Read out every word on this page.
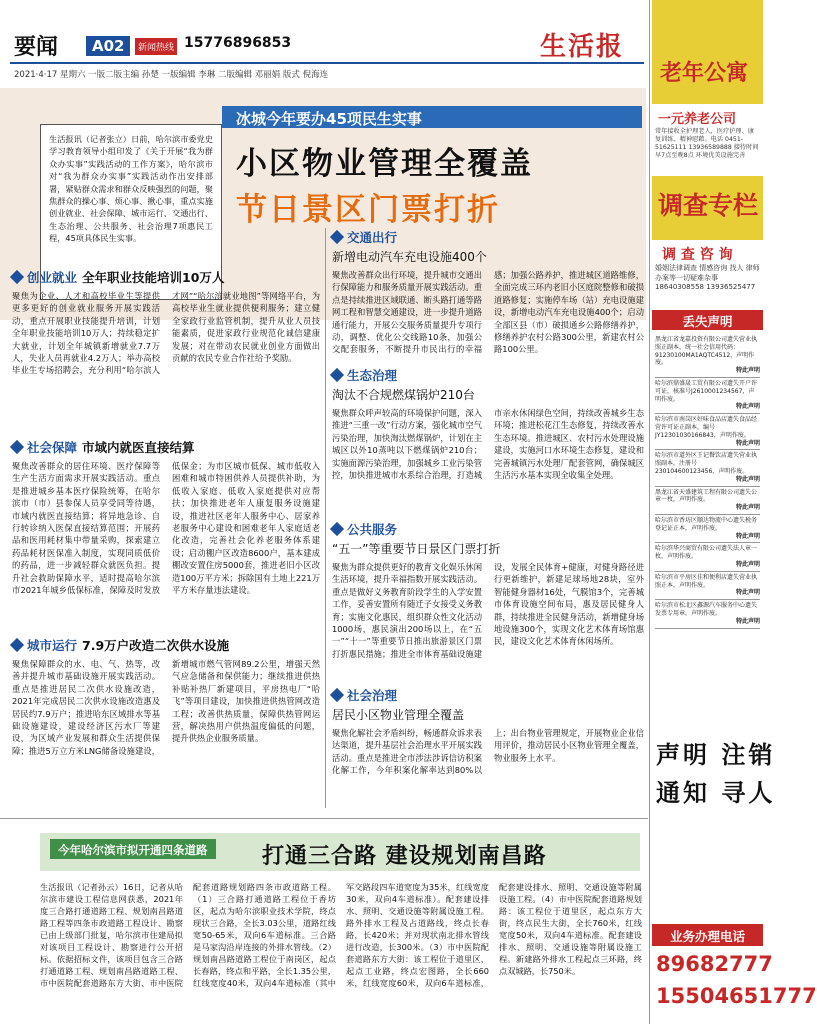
要闻	A02	新闻热线 15776896853	生活报
2021·4·17 星期六 一版二版主编 孙楚 一版编辑 李琳 二版编辑 邓丽娟 版式 倪海连
冰城今年要办45项民生实事
生活报讯（记者张立）日前，哈尔滨市委党史学习教育领导小组印发了《关于开展“我为群众办实事”实践活动的工作方案》，哈尔滨市对“我为群众办实事”实践活动作出安排部署，紧贴群众需求和群众反映强烈的问题，聚焦群众的操心事、烦心事、揪心事，重点实施创业就业、社会保障、城市运行、交通出行、生态治理、公共服务、社会治理7项惠民工程，45项具体民生实事。
小区物业管理全覆盖
节日景区门票打折
创业就业 全年职业技能培训10万人
聚焦为企业、人才和高校毕业生等提供更多更好的创业就业服务开展实践活动，重点开展职业技能提升培训，计划全年职业技能培训10万人；持续稳定扩大就业，计划全年城镇新增就业7.7万人，失业人员再就业4.2万人；举办高校毕业生专场招聘会，充分利用“哈尔滨人才网”“哈尔滨就业地图”等网络平台，为高校毕业生就业提供便利服务；建立健全家政行业监管机制，提升从业人员技能素质，促进家政行业规范化诚信建康发展；对在带动农民就业创业方面做出贡献的农民专业合作社给予奖励。
社会保障 市域内就医直接结算
聚焦改善群众的居住环境、医疗保障等生产生活方面需求开展实践活动。重点是推进城乡基本医疗保险统筹，在哈尔滨市（市）县参保人员享受同等待遇，市域内就医直接结算；将异地急诊、自行转诊纳入医保直接结算范围；开展药品和医用耗材集中带量采购，探索建立药品耗材医保准入制度，实现同质低价的药品，进一步减轻群众就医负担。提升社会救助保障水平，适时提高哈尔滨市2021年城乡低保标准，保障及时发放低保金；为市区城市低保、城市低收入困难和城市特困供养人员提供补助，为低收入家庭、低收入家庭提供对应帮扶；加快推进老年人康复服务设施建设，推进社区老年人服务中心、居家养老服务中心建设和困难老年人家庭适老化改造，完善社会化养老服务体系建设；启动棚户区改造8600户，基本建成棚改安置住房5000套，推进老旧小区改造100万平方米；拆除国有土地上221万平方米存量违法建设。
城市运行 7.9万户改造二次供水设施
聚焦保障群众的水、电、气、热等，改善并提升城市基础设施开展实践活动。重点是推进居民二次供水设施改造，2021年完成居民二次供水设施改造惠及居民约7.9万户；推进哈东区域排水等基础设施建设，建设经济区污水厂等建设，为区域产业发展和群众生活提供保障；推进5万立方米LNG储备设施建设，新增城市燃气管网89.2公里，增强天然气应急储备和保供能力；继续推进供热补贴补热厂新建项目，平房热电厂“哈飞”等项目建设，加快推进供热管网改造工程；改善供热质量，保障供热管网运营，解决热用户供热温度偏低的问题，提升供热企业服务质量。
交通出行
新增电动汽车充电设施400个
聚焦改善群众出行环境，提升城市交通出行保障能力和服务质量开展实践活动。重点是持续推进区域联通、断头路打通等路网工程和智慧交通建设，进一步提升道路通行能力，开展公交服务质量提升专项行动，调整、优化公交线路10条，加强公交配套服务，不断提升市民出行的幸福感；加强公路养护，推进城区道路维修，全面完成三环内老旧小区庭院整修和破损道路修复；实施停车场（站）充电设施建设，新增电动汽车充电设施400个；启动全部区县（市）破损通乡公路修缮养护，修缮养护农村公路300公里，新建农村公路100公里。
生态治理
淘汰不合规燃煤锅炉210台
聚焦群众呼声较高的环境保护问题，深入推进“三重一改”行动方案，强化城市空气污染治理，加快淘汰燃煤锅炉，计划在主城区以外10蒸吨以下燃煤锅炉210台；实施面源污染治理，加强城乡工业污染管控，加快推进城市水系综合治理，打造城市亲水休闲绿色空间，持续改善城乡生态环境；推进松花江生态修复，持续改善水生态环境。推进城区、农村污水处理设施建设，实施河口水环境生态修复，建设和完善城镇污水处理厂配套管网，确保城区生活污水基本实现全收集全处理。
公共服务
“五一”等重要节日景区门票打折
聚焦为群众提供更好的教育文化娱乐休闲生活环境，提升幸福指数开展实践活动。重点是做好义务教育阶段学生的入学安置工作，妥善安置所有随迁子女接受义务教育；实施文化惠民，组织群众性文化活动1000场，惠民演出200场以上，在“五一”“十一”等重要节日推出旅游景区门票打折惠民措施；推进全市体育基础设施建设，发展全民体育+健康，对健身路径进行更新维护，新建足球场地28块，室外智能健身器材16处，气膜馆3个，完善城市体育设施空间布局，惠及居民健身人群，持续推进全民健身活动，新增健身场地设施300个，实现文化艺术体育场馆惠民，建设文化艺术体育休闲场所。
社会治理
居民小区物业管理全覆盖
聚焦化解社会矛盾纠纷，畅通群众诉求表达渠道，提升基层社会治理水平开展实践活动。重点是推进全市涉法涉诉信访积案化解工作，今年积案化解率达到80%以上；出台物业管理规定，开展物业企业信用评价，推动居民小区物业管理全覆盖，物业服务上水平。
今年哈尔滨市拟开通四条道路	打通三合路 建设规划南昌路
生活报讯（记者孙云）16日，记者从哈尔滨市建设工程信息网获悉，2021年度三合路打通道路工程、规划南昌路道路工程等四条市政道路工程设计、勘察已由上级部门批复，哈尔滨市住建局拟对该项目工程设计、勘察进行公开招标。依据招标文件，该项目包含三合路打通道路工程、规划南昌路道路工程、市中医院配套道路东方大街、市中医院配套道路规划路四条市政道路工程。（1）三合路打通道路工程位于香坊区，起点为哈尔滨职业技术学院，终点现状三合路，全长3.03公里，道路红线宽50-65米，双向6车道标准。三合路是马家沟沿岸连接的外排水管线。（2）规划南昌路道路工程位于南岗区，起点长春路，终点和平路，全长1.35公里，红线宽度40米，双向4车道标准（其中军交路段四车道宽度为35米，红线宽度30米，双向4车道标准）。配套建设排水、照明、交通设施等附属设施工程。路外排水工程及占道路线，终点长春路，长420米；并对现状南北排水管线进行改造，长300米。（3）市中医院配套道路东方大街：该工程位于道里区，起点工业路，终点宏图路，全长660米，红线宽度60米，双向6车道标准，配套建设排水、照明、交通设施等附属设施工程。（4）市中医院配套道路规划路：该工程位于道里区，起点东方大街，终点民生大街，全长760米，红线宽度50米，双向4车道标准。配套建设排水、照明、交通设施等附属设施工程。新建路外排水工程起点三环路，终点双城路，长750米。
老年公寓
一元养老公司
常年接收全护理老人，医疗护理、康复训练、精神慰藉。电话 0451-51625111 13936589888 接待时间 早7点至晚8点 环境优美设施完善
调查专栏
调 查 咨 询
婚姻法律调查 情感咨询 找人 律师办案等一切疑难杂事 18640308558 13936525477
丢失声明
黑龙江省龙嘉投资有限公司遗失营业执照正副本，统一社会信用代码：91230100MA1AQTC4512，声明作废。
特此声明
哈尔滨鼎盛晟工贸有限公司遗失开户许可证，核准号J2610001234567，声明作废。
特此声明
哈尔滨市南岗区好味食品店遗失食品经营许可证正副本，编号JY12301030166843，声明作废。
特此声明
哈尔滨市道外区王记餐饮店遗失营业执照副本，注册号230104600123456，声明作废。
特此声明
黑龙江省天盛建筑工程有限公司遗失公章一枚，声明作废。
特此声明
哈尔滨市香坊区顺达物流中心遗失税务登记证正本，声明作废。
特此声明
哈尔滨华兴商贸有限公司遗失法人章一枚，声明作废。
特此声明
哈尔滨市平房区佳和便利店遗失营业执照正本，声明作废。
特此声明
哈尔滨市松北区鑫源汽车服务中心遗失发票专用章，声明作废。
特此声明
声明 注销
通知 寻人
业务办理电话
89682777
15504651777
